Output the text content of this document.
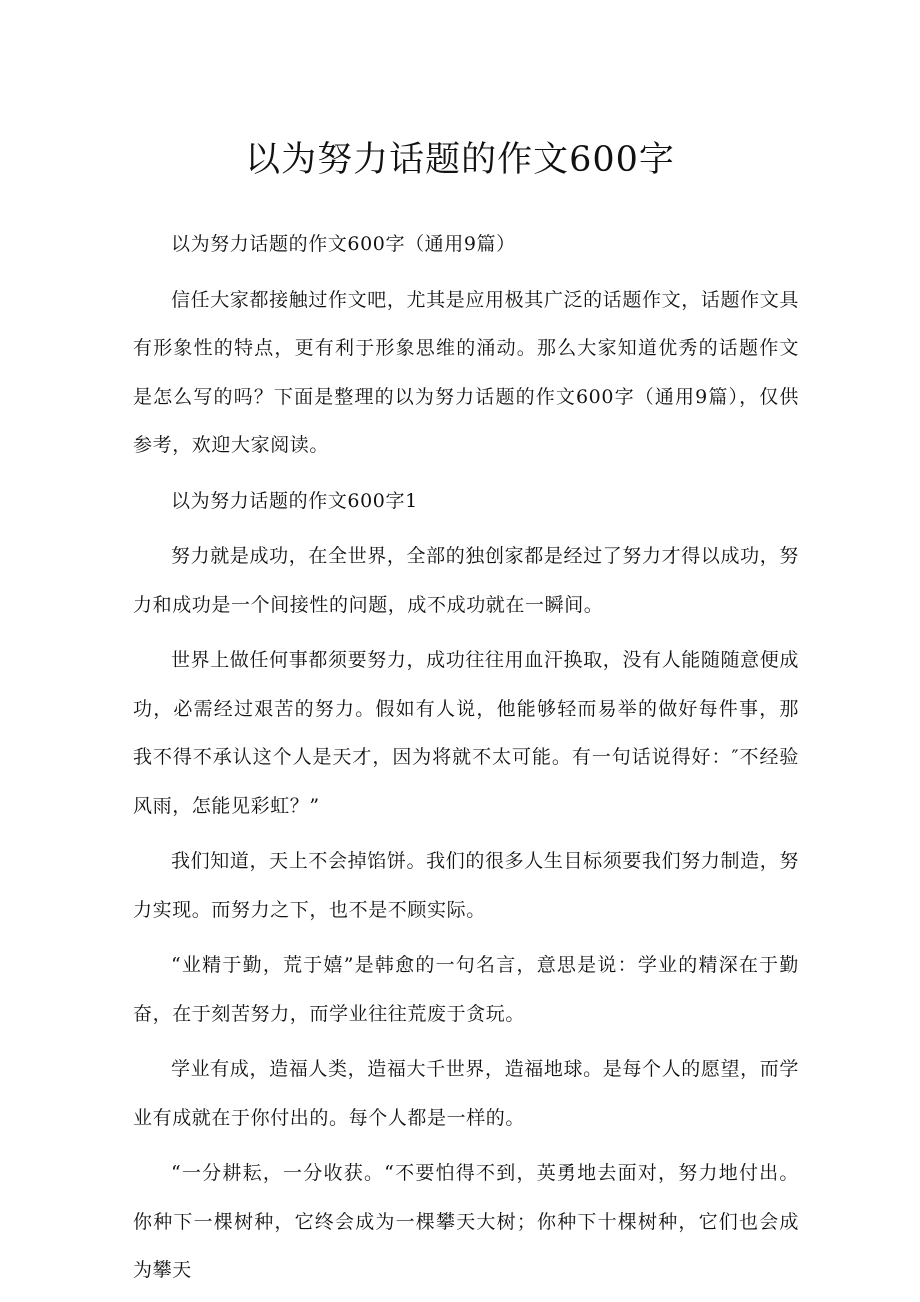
以为努力话题的作文600字

以为努力话题的作文600字（通用9篇）

信任大家都接触过作文吧，尤其是应用极其广泛的话题作文，话题作文具有形象性的特点，更有利于形象思维的涌动。那么大家知道优秀的话题作文是怎么写的吗？下面是整理的以为努力话题的作文600字（通用9篇），仅供参考，欢迎大家阅读。

以为努力话题的作文600字1

努力就是成功，在全世界，全部的独创家都是经过了努力才得以成功，努力和成功是一个间接性的问题，成不成功就在一瞬间。

世界上做任何事都须要努力，成功往往用血汗换取，没有人能随随意便成功，必需经过艰苦的努力。假如有人说，他能够轻而易举的做好每件事，那我不得不承认这个人是天才，因为将就不太可能。有一句话说得好：″不经验风雨，怎能见彩虹？”

我们知道，天上不会掉馅饼。我们的很多人生目标须要我们努力制造，努力实现。而努力之下，也不是不顾实际。

“业精于勤，荒于嬉”是韩愈的一句名言，意思是说：学业的精深在于勤奋，在于刻苦努力，而学业往往荒废于贪玩。

学业有成，造福人类，造福大千世界，造福地球。是每个人的愿望，而学业有成就在于你付出的。每个人都是一样的。

“一分耕耘，一分收获。“不要怕得不到，英勇地去面对，努力地付出。你种下一棵树种，它终会成为一棵攀天大树；你种下十棵树种，它们也会成为攀天
